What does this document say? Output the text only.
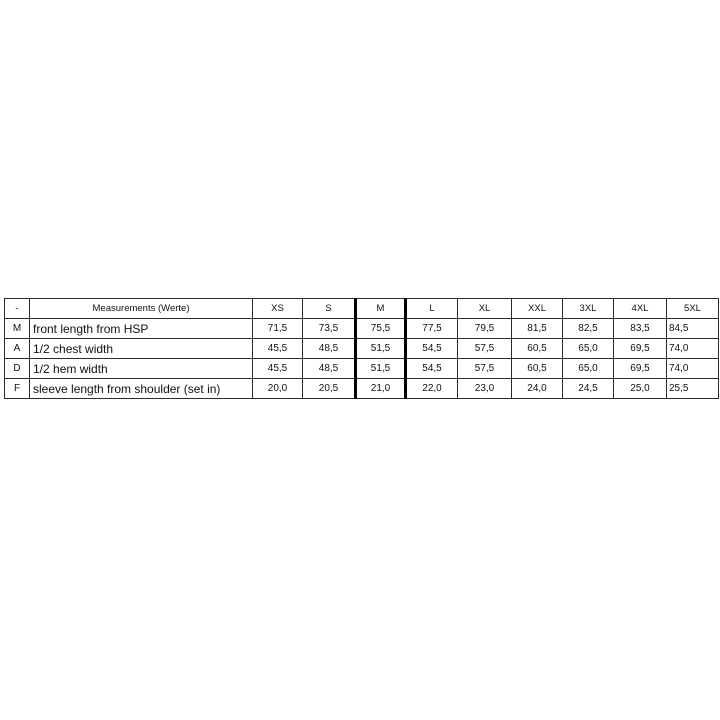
-	Measurements (Werte)	XS	S	M	L	XL	XXL	3XL	4XL	5XL
M	front length from HSP	71,5	73,5	75,5	77,5	79,5	81,5	82,5	83,5	84,5
A	1/2 chest width	45,5	48,5	51,5	54,5	57,5	60,5	65,0	69,5	74,0
D	1/2 hem width	45,5	48,5	51,5	54,5	57,5	60,5	65,0	69,5	74,0
F	sleeve length from shoulder (set in)	20,0	20,5	21,0	22,0	23,0	24,0	24,5	25,0	25,5
